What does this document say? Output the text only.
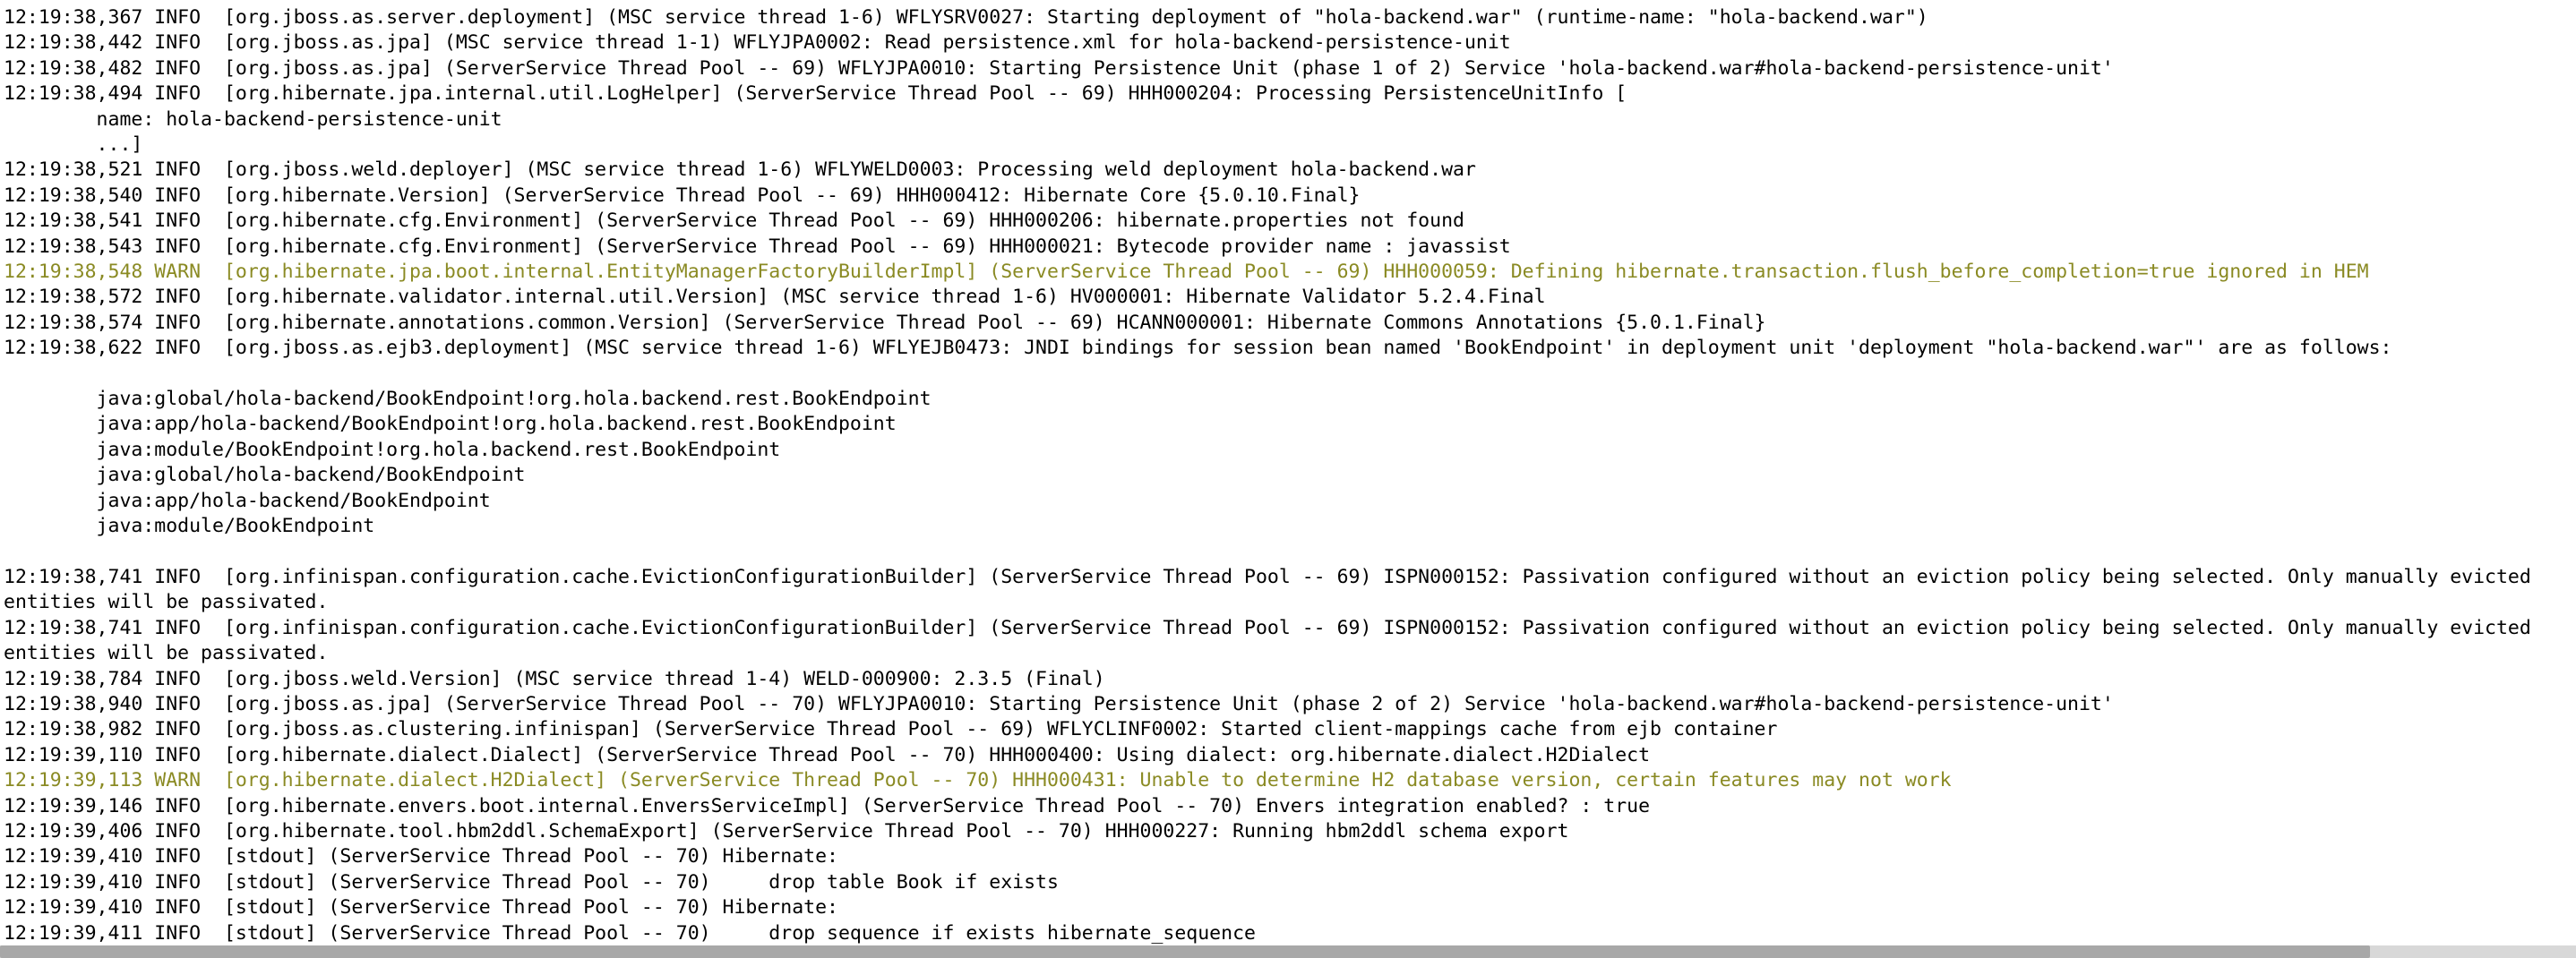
12:19:38,367 INFO  [org.jboss.as.server.deployment] (MSC service thread 1-6) WFLYSRV0027: Starting deployment of "hola-backend.war" (runtime-name: "hola-backend.war")
12:19:38,442 INFO  [org.jboss.as.jpa] (MSC service thread 1-1) WFLYJPA0002: Read persistence.xml for hola-backend-persistence-unit
12:19:38,482 INFO  [org.jboss.as.jpa] (ServerService Thread Pool -- 69) WFLYJPA0010: Starting Persistence Unit (phase 1 of 2) Service 'hola-backend.war#hola-backend-persistence-unit'
12:19:38,494 INFO  [org.hibernate.jpa.internal.util.LogHelper] (ServerService Thread Pool -- 69) HHH000204: Processing PersistenceUnitInfo [
name: hola-backend-persistence-unit
...]
12:19:38,521 INFO  [org.jboss.weld.deployer] (MSC service thread 1-6) WFLYWELD0003: Processing weld deployment hola-backend.war
12:19:38,540 INFO  [org.hibernate.Version] (ServerService Thread Pool -- 69) HHH000412: Hibernate Core {5.0.10.Final}
12:19:38,541 INFO  [org.hibernate.cfg.Environment] (ServerService Thread Pool -- 69) HHH000206: hibernate.properties not found
12:19:38,543 INFO  [org.hibernate.cfg.Environment] (ServerService Thread Pool -- 69) HHH000021: Bytecode provider name : javassist
12:19:38,548 WARN  [org.hibernate.jpa.boot.internal.EntityManagerFactoryBuilderImpl] (ServerService Thread Pool -- 69) HHH000059: Defining hibernate.transaction.flush_before_completion=true ignored in HEM
12:19:38,572 INFO  [org.hibernate.validator.internal.util.Version] (MSC service thread 1-6) HV000001: Hibernate Validator 5.2.4.Final
12:19:38,574 INFO  [org.hibernate.annotations.common.Version] (ServerService Thread Pool -- 69) HCANN000001: Hibernate Commons Annotations {5.0.1.Final}
12:19:38,622 INFO  [org.jboss.as.ejb3.deployment] (MSC service thread 1-6) WFLYEJB0473: JNDI bindings for session bean named 'BookEndpoint' in deployment unit 'deployment "hola-backend.war"' are as follows:
java:global/hola-backend/BookEndpoint!org.hola.backend.rest.BookEndpoint
java:app/hola-backend/BookEndpoint!org.hola.backend.rest.BookEndpoint
java:module/BookEndpoint!org.hola.backend.rest.BookEndpoint
java:global/hola-backend/BookEndpoint
java:app/hola-backend/BookEndpoint
java:module/BookEndpoint
12:19:38,741 INFO  [org.infinispan.configuration.cache.EvictionConfigurationBuilder] (ServerService Thread Pool -- 69) ISPN000152: Passivation configured without an eviction policy being selected. Only manually evicted entities will be passivated.
12:19:38,741 INFO  [org.infinispan.configuration.cache.EvictionConfigurationBuilder] (ServerService Thread Pool -- 69) ISPN000152: Passivation configured without an eviction policy being selected. Only manually evicted entities will be passivated.
12:19:38,784 INFO  [org.jboss.weld.Version] (MSC service thread 1-4) WELD-000900: 2.3.5 (Final)
12:19:38,940 INFO  [org.jboss.as.jpa] (ServerService Thread Pool -- 70) WFLYJPA0010: Starting Persistence Unit (phase 2 of 2) Service 'hola-backend.war#hola-backend-persistence-unit'
12:19:38,982 INFO  [org.jboss.as.clustering.infinispan] (ServerService Thread Pool -- 69) WFLYCLINF0002: Started client-mappings cache from ejb container
12:19:39,110 INFO  [org.hibernate.dialect.Dialect] (ServerService Thread Pool -- 70) HHH000400: Using dialect: org.hibernate.dialect.H2Dialect
12:19:39,113 WARN  [org.hibernate.dialect.H2Dialect] (ServerService Thread Pool -- 70) HHH000431: Unable to determine H2 database version, certain features may not work
12:19:39,146 INFO  [org.hibernate.envers.boot.internal.EnversServiceImpl] (ServerService Thread Pool -- 70) Envers integration enabled? : true
12:19:39,406 INFO  [org.hibernate.tool.hbm2ddl.SchemaExport] (ServerService Thread Pool -- 70) HHH000227: Running hbm2ddl schema export
12:19:39,410 INFO  [stdout] (ServerService Thread Pool -- 70) Hibernate:
12:19:39,410 INFO  [stdout] (ServerService Thread Pool -- 70)     drop table Book if exists
12:19:39,410 INFO  [stdout] (ServerService Thread Pool -- 70) Hibernate:
12:19:39,411 INFO  [stdout] (ServerService Thread Pool -- 70)     drop sequence if exists hibernate_sequence
